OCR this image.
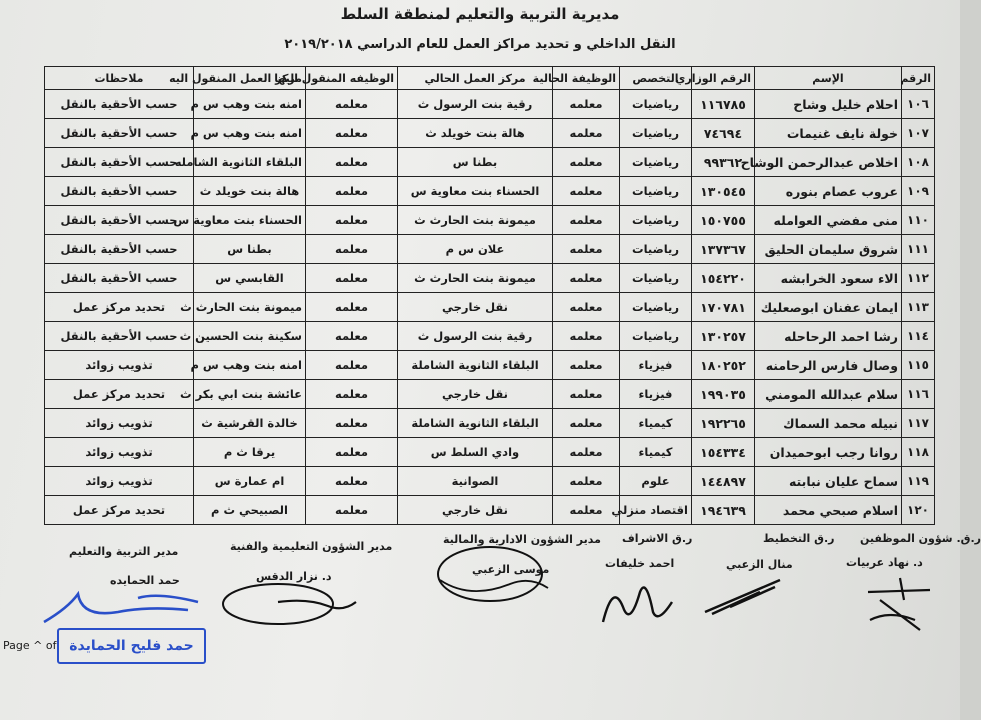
مديرية التربية والتعليم لمنطقة السلط
النقل الداخلي و تحديد مراكز العمل للعام الدراسي ٢٠١٩/٢٠١٨
الرقم	الإسم	الرقم الوزاري	التخصص	الوظيفة الحالية	مركز العمل الحالي	الوظيفه المنقول اليها	مركز العمل المنقول اليه	ملاحظات
١٠٦	احلام خليل وشاح	١١٦٧٨٥	رياضيات	معلمه	رقية بنت الرسول ث	معلمه	امنه بنت وهب س م	حسب الأحقية بالنقل
١٠٧	خولة نايف غنيمات	٧٤٦٩٤	رياضيات	معلمه	هالة بنت خويلد ث	معلمه	امنه بنت وهب س م	حسب الأحقية بالنقل
١٠٨	اخلاص عبدالرحمن الوشاح	٩٩٣٦٢	رياضيات	معلمه	بطنا س	معلمه	البلقاء الثانوية الشامله	حسب الأحقية بالنقل
١٠٩	عروب عصام بنوره	١٣٠٥٤٥	رياضيات	معلمه	الحسناء بنت معاوية س	معلمه	هالة بنت خويلد ث	حسب الأحقية بالنقل
١١٠	منى مفضي العوامله	١٥٠٧٥٥	رياضيات	معلمه	ميمونة بنت الحارث ث	معلمه	الحسناء بنت معاوية س	حسب الأحقية بالنقل
١١١	شروق سليمان الحليق	١٣٧٣٦٧	رياضيات	معلمه	علان س م	معلمه	بطنا س	حسب الأحقية بالنقل
١١٢	الاء سعود الخرابشه	١٥٤٢٢٠	رياضيات	معلمه	ميمونة بنت الحارث ث	معلمه	القابسي س	حسب الأحقية بالنقل
١١٣	ايمان عفنان ابوصعليك	١٧٠٧٨١	رياضيات	معلمه	نقل خارجي	معلمه	ميمونة بنت الحارث ث	تحديد مركز عمل
١١٤	رشا احمد الرحاحله	١٣٠٢٥٧	رياضيات	معلمه	رقية بنت الرسول ث	معلمه	سكينة بنت الحسين ث	حسب الأحقية بالنقل
١١٥	وصال فارس الرحامنه	١٨٠٢٥٢	فيزياء	معلمه	البلقاء الثانوية الشاملة	معلمه	امنه بنت وهب س م	تذويب زوائد
١١٦	سلام عبدالله المومني	١٩٩٠٣٥	فيزياء	معلمه	نقل خارجي	معلمه	عائشة بنت ابي بكر ث	تحديد مركز عمل
١١٧	نبيله محمد السماك	١٩٢٢٦٥	كيمياء	معلمه	البلقاء الثانوية الشاملة	معلمه	خالدة القرشية ث	تذويب زوائد
١١٨	روانا رجب ابوحميدان	١٥٤٣٣٤	كيمياء	معلمه	وادي السلط س	معلمه	يرقا ث م	تذويب زوائد
١١٩	سماح عليان نبابته	١٤٤٨٩٧	علوم	معلمه	الصوانية	معلمه	ام عمارة س	تذويب زوائد
١٢٠	اسلام صبحي محمد	١٩٤٦٣٩	اقتصاد منزلي	معلمه	نقل خارجي	معلمه	الصبيحي ث م	تحديد مركز عمل
ر.ق. شؤون الموظفين
ر.ق التخطيط
ر.ق الاشراف
مدير الشؤون الادارية والمالية
مدير الشؤون التعليمية والفنية
مدير التربية والتعليم
د. نهاد عربيات
منال الزعبي
احمد خليفات
موسى الزعبي
د. نزار الدقس
حمد الحمايده
حمد فليح الحمايدة
Page ^ of
